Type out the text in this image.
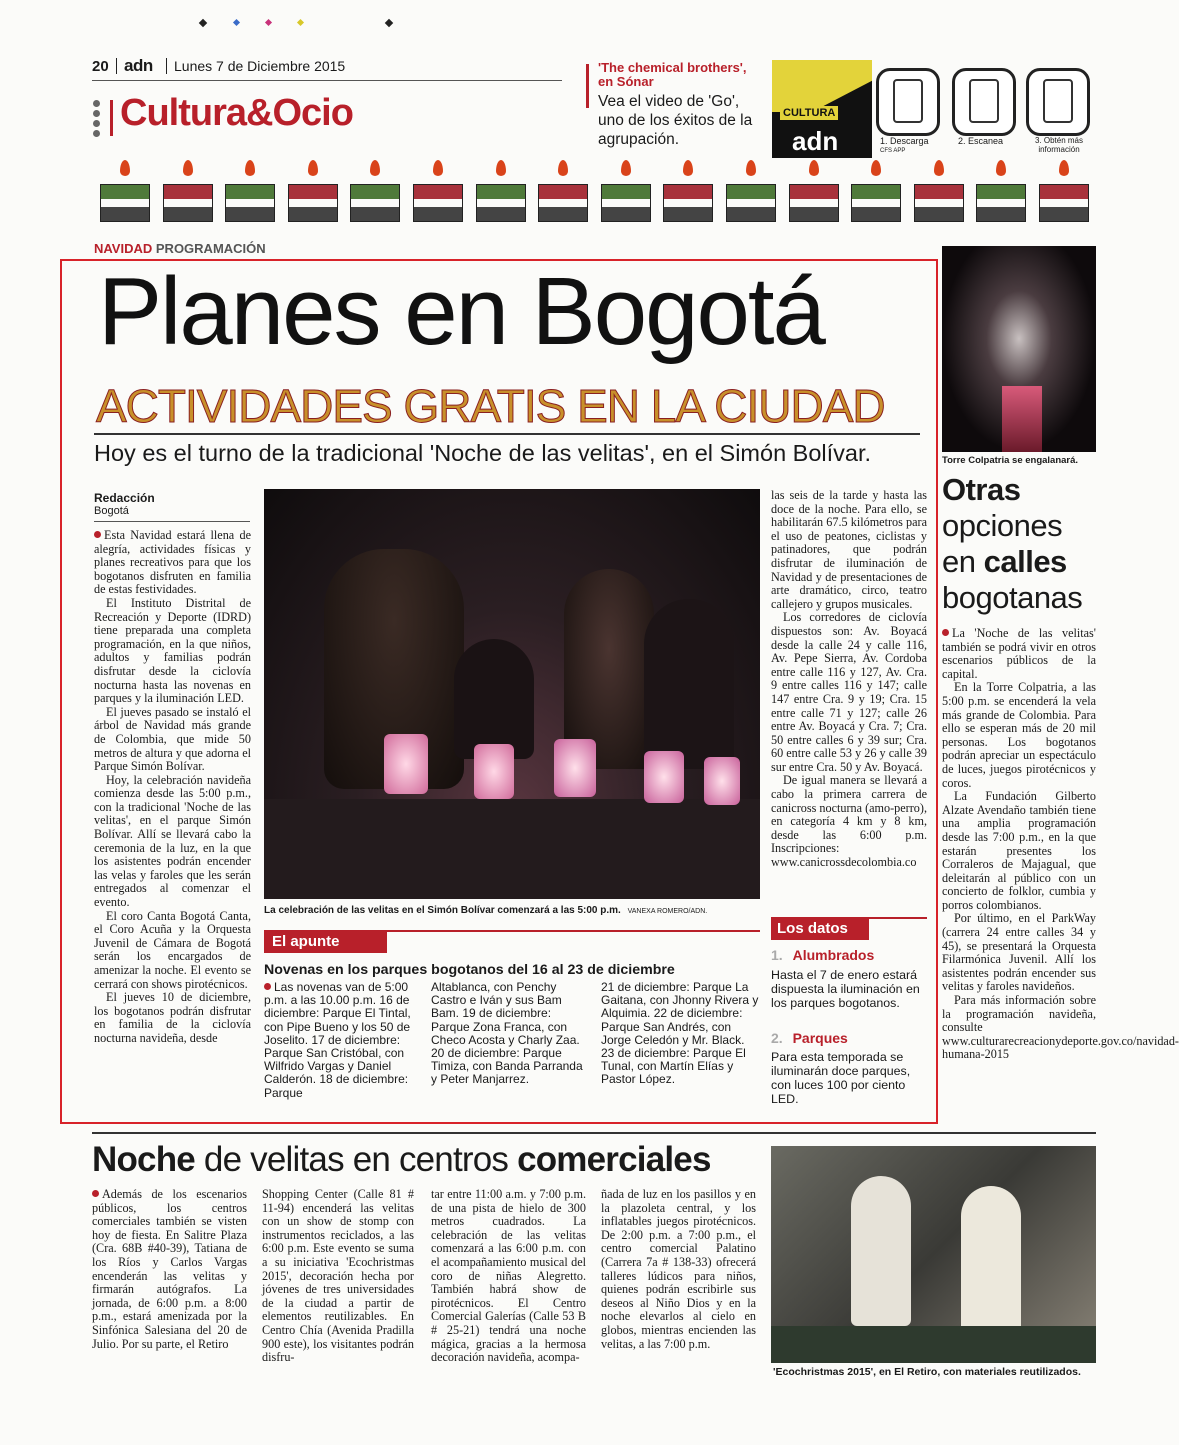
20 adn Lunes 7 de Diciembre 2015
Cultura&Ocio
'The chemical brothers', en Sónar
Vea el video de 'Go', uno de los éxitos de la agrupación.
CULTURA
adn	1. Descarga
CFS APP
2. Escanea	3. Obtén más información
NAVIDAD PROGRAMACIÓN
Planes en Bogotá
ACTIVIDADES GRATIS EN LA CIUDAD
Hoy es el turno de la tradicional 'Noche de las velitas', en el Simón Bolívar.
Redacción
Bogotá

Esta Navidad estará llena de alegría, actividades físicas y planes recreativos para que los bogotanos disfruten en familia de estas festividades.

El Instituto Distrital de Recreación y Deporte (IDRD) tiene preparada una completa programación, en la que niños, adultos y familias podrán disfrutar desde la ciclovía nocturna hasta las novenas en parques y la iluminación LED.

El jueves pasado se instaló el árbol de Navidad más grande de Colombia, que mide 50 metros de altura y que adorna el Parque Simón Bolívar.

Hoy, la celebración navideña comienza desde las 5:00 p.m., con la tradicional 'Noche de las velitas', en el parque Simón Bolívar. Allí se llevará cabo la ceremonia de la luz, en la que los asistentes podrán encender las velas y faroles que les serán entregados al comenzar el evento.

El coro Canta Bogotá Canta, el Coro Acuña y la Orquesta Juvenil de Cámara de Bogotá serán los encargados de amenizar la noche. El evento se cerrará con shows pirotécnicos.

El jueves 10 de diciembre, los bogotanos podrán disfrutar en familia de la ciclovía nocturna navideña, desde

La celebración de las velitas en el Simón Bolívar comenzará a las 5:00 p.m. VANEXA ROMERO/ADN.

las seis de la tarde y hasta las doce de la noche. Para ello, se habilitarán 67.5 kilómetros para el uso de peatones, ciclistas y patinadores, que podrán disfrutar de iluminación de Navidad y de presentaciones de arte dramático, circo, teatro callejero y grupos musicales.

Los corredores de ciclovía dispuestos son: Av. Boyacá desde la calle 24 y calle 116, Av. Pepe Sierra, Av. Cordoba entre calle 116 y 127, Av. Cra. 9 entre calles 116 y 147; calle 147 entre Cra. 9 y 19; Cra. 15 entre calle 71 y 127; calle 26 entre Av. Boyacá y Cra. 7; Cra. 50 entre calles 6 y 39 sur; Cra. 60 entre calle 53 y 26 y calle 39 sur entre Cra. 50 y Av. Boyacá.

De igual manera se llevará a cabo la primera carrera de canicross nocturna (amo-perro), en categoría 4 km y 8 km, desde las 6:00 p.m. Inscripciones: www.canicrossdecolombia.co

El apunte
Novenas en los parques bogotanos del 16 al 23 de diciembre
Las novenas van de 5:00 p.m. a las 10.00 p.m. 16 de diciembre: Parque El Tintal, con Pipe Bueno y los 50 de Joselito. 17 de diciembre: Parque San Cristóbal, con Wilfrido Vargas y Daniel Calderón. 18 de diciembre: Parque
Altablanca, con Penchy Castro e Iván y sus Bam Bam. 19 de diciembre: Parque Zona Franca, con Checo Acosta y Charly Zaa. 20 de diciembre: Parque Timiza, con Banda Parranda y Peter Manjarrez.
21 de diciembre: Parque La Gaitana, con Jhonny Rivera y Alquimia. 22 de diciembre: Parque San Andrés, con Jorge Celedón y Mr. Black. 23 de diciembre: Parque El Tunal, con Martín Elías y Pastor López.
Los datos
1. Alumbrados
Hasta el 7 de enero estará dispuesta la iluminación en los parques bogotanos.
2. Parques
Para esta temporada se iluminarán doce parques, con luces 100 por ciento LED.
Torre Colpatria se engalanará.
Otras
opciones
en calles
bogotanas

La 'Noche de las velitas' también se podrá vivir en otros escenarios públicos de la capital.

En la Torre Colpatria, a las 5:00 p.m. se encenderá la vela más grande de Colombia. Para ello se esperan más de 20 mil personas. Los bogotanos podrán apreciar un espectáculo de luces, juegos pirotécnicos y coros.

La Fundación Gilberto Alzate Avendaño también tiene una amplia programación desde las 7:00 p.m., en la que estarán presentes los Corraleros de Majagual, que deleitarán al público con un concierto de folklor, cumbia y porros colombianos.

Por último, en el ParkWay (carrera 24 entre calles 34 y 45), se presentará la Orquesta Filarmónica Juvenil. Allí los asistentes podrán encender sus velitas y faroles navideños.

Para más información sobre la programación navideña, consulte www.culturarecreacionydeporte.gov.co/navidad-humana-2015

Noche de velitas en centros comerciales
Además de los escenarios públicos, los centros comerciales también se visten hoy de fiesta. En Salitre Plaza (Cra. 68B #40-39), Tatiana de los Ríos y Carlos Vargas encenderán las velitas y firmarán autógrafos. La jornada, de 6:00 p.m. a 8:00 p.m., estará amenizada por la Sinfónica Salesiana del 20 de Julio. Por su parte, el Retiro
Shopping Center (Calle 81 # 11-94) encenderá las velitas con un show de stomp con instrumentos reciclados, a las 6:00 p.m. Este evento se suma a su iniciativa 'Ecochristmas 2015', decoración hecha por jóvenes de tres universidades de la ciudad a partir de elementos reutilizables. En Centro Chía (Avenida Pradilla 900 este), los visitantes podrán disfru-
tar entre 11:00 a.m. y 7:00 p.m. de una pista de hielo de 300 metros cuadrados. La celebración de las velitas comenzará a las 6:00 p.m. con el acompañamiento musical del coro de niñas Alegretto. También habrá show de pirotécnicos. El Centro Comercial Galerías (Calle 53 B # 25-21) tendrá una noche mágica, gracias a la hermosa decoración navideña, acompa-
ñada de luz en los pasillos y en la plazoleta central, y los inflatables juegos pirotécnicos. De 2:00 p.m. a 7:00 p.m., el centro comercial Palatino (Carrera 7a # 138-33) ofrecerá talleres lúdicos para niños, quienes podrán escribirle sus deseos al Niño Dios y en la noche elevarlos al cielo en globos, mientras encienden las velitas, a las 7:00 p.m.
'Ecochristmas 2015', en El Retiro, con materiales reutilizados.
